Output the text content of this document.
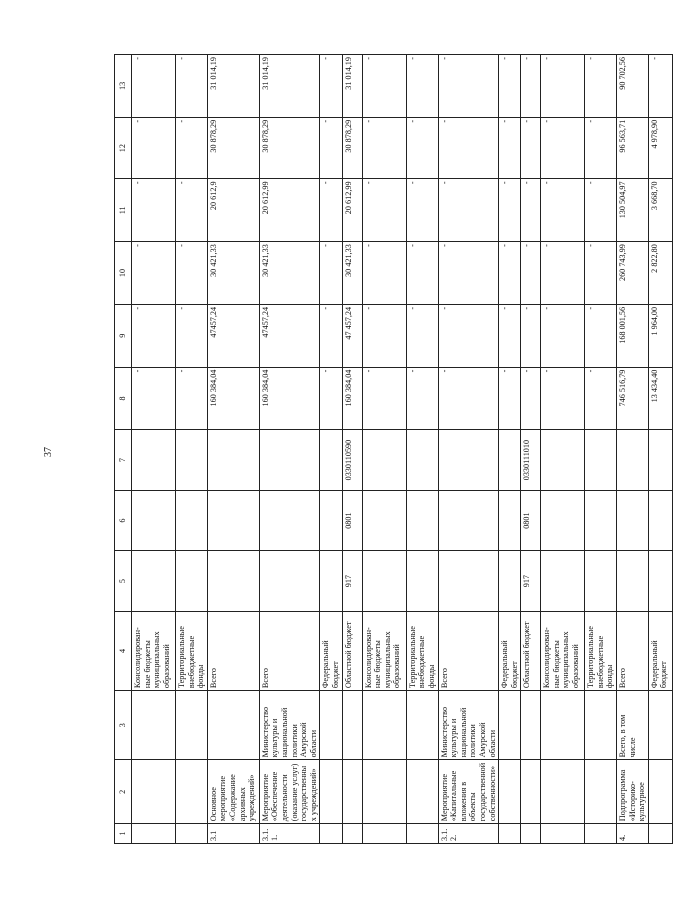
37
1	2	3	4	5	6	7	8	9	10	11	12	13
			Консолидирован-ные бюджеты муниципальных образований				-	-	-	-	-	-
			Территориальные внебюджетные фонды				-	-	-	-	-	-
3.1	Основное мероприятие «Содержание архивных учреждений»		Всего				160 384,04	47457,24	30 421,33	20 612,9	30 878,29	31 014,19
3.1.1.	Мероприятие «Обеспечение деятельности (оказание услуг) государственных учреждений»	Министерство культуры и национальной политики Амурской области	Всего				160 384,04	47457,24	30 421,33	20 612,99	30 878,29	31 014,19
			Федеральный бюджет				-	-	-	-	-	-
			Областной бюджет	917	0801	0330110590	160 384,04	47 457,24	30 421,33	20 612,99	30 878,29	31 014,19
			Консолидирован-ные бюджеты муниципальных образований				-	-	-	-	-	-
			Территориальные внебюджетные фонды				-	-	-	-	-	-
3.1.2.	Мероприятие «Капитальные вложения в объекты государственной собственности»	Министерство культуры и национальной политики Амурской области	Всего				-	-	-	-	-	-
			Федеральный бюджет				-	-	-	-	-	-
			Областной бюджет	917	0801	0330111010	-	-	-	-	-	-
			Консолидирован-ные бюджеты муниципальных образований				-	-	-	-	-	-
			Территориальные внебюджетные фонды				-	-	-	-	-	-
4.	Подпрограмма «Историко-культурное	Всего, в том числе	Всего				746 516,79	168 001,56	260 743,99	130 504,97	96 563,71	90 702,56
			Федеральный бюджет				13 434,40	1 964,00	2 822,80	3 668,70	4 978,90	-
